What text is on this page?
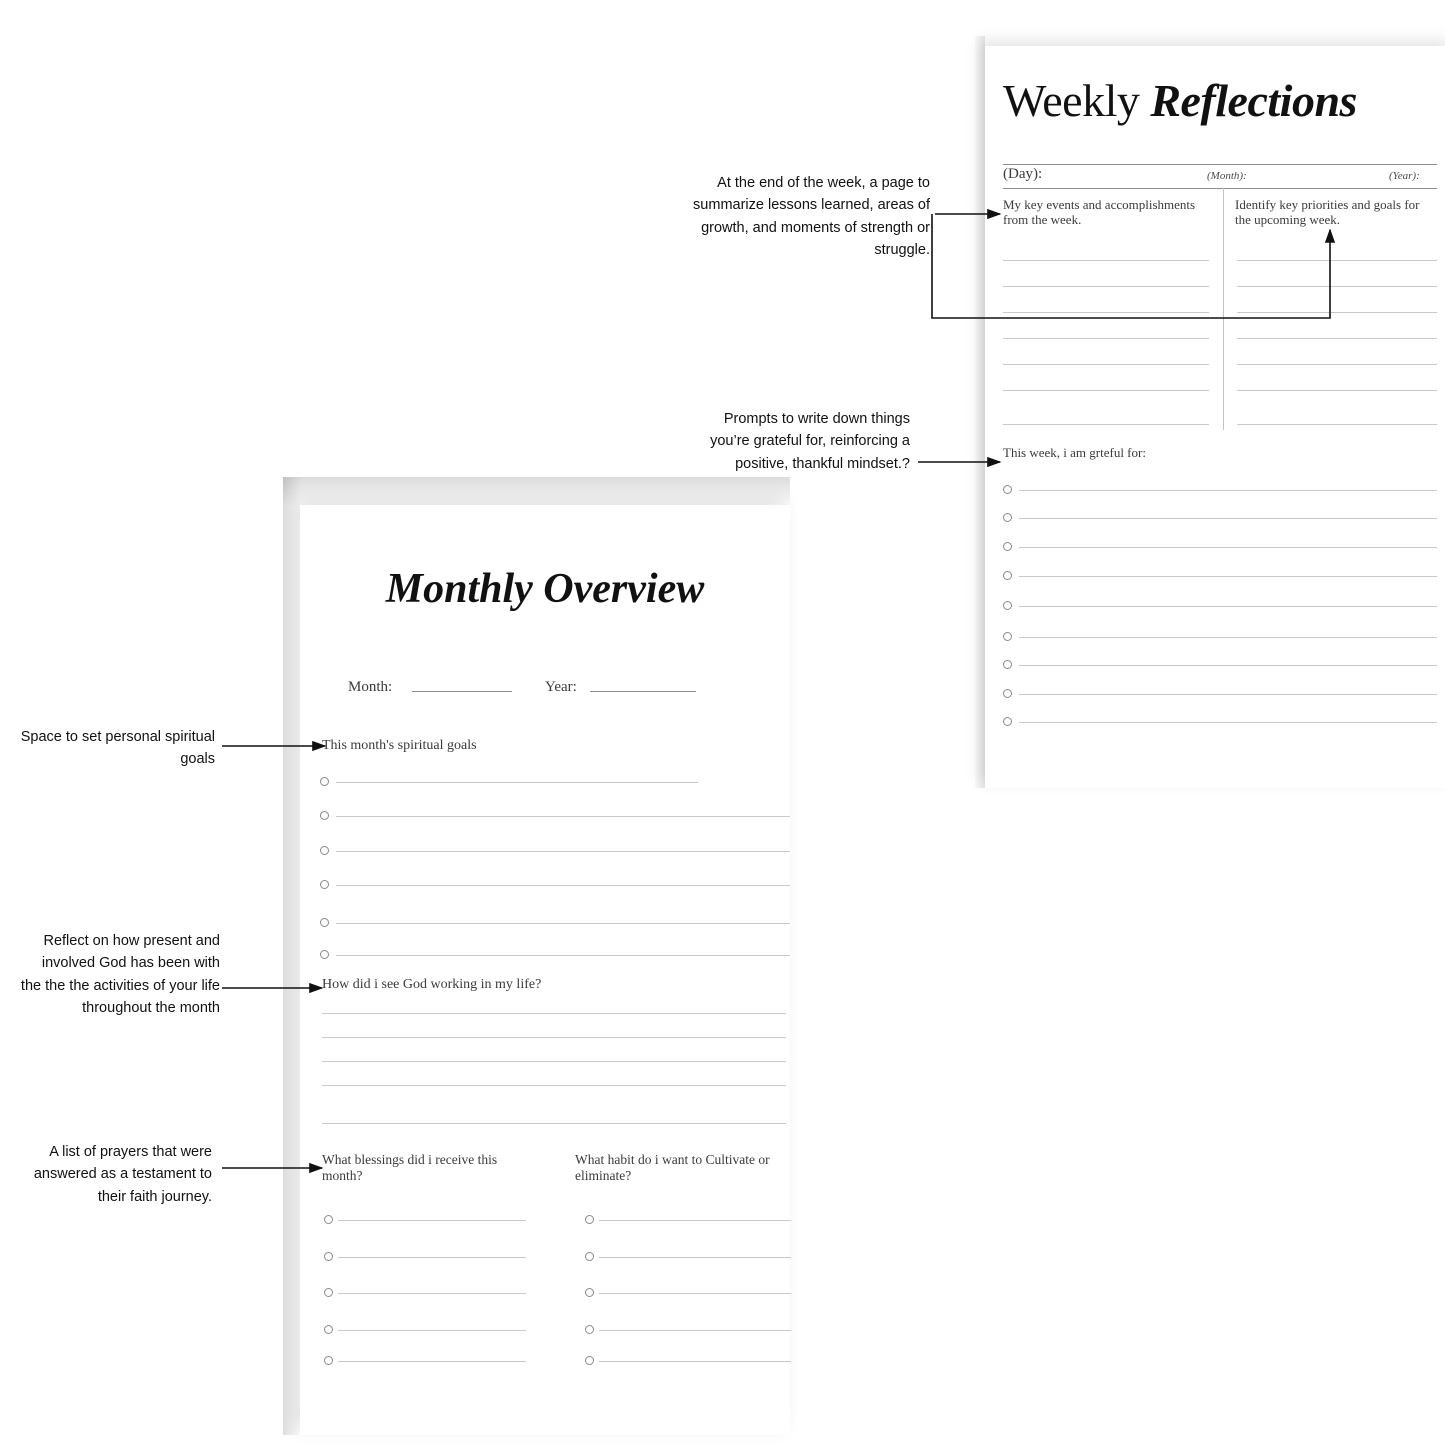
Weekly Reflections
(Day):	(Month):	(Year):
My key events and accomplishments from the week.
Identify key priorities and goals for the upcoming week.
This week, i am grteful for:
Monthly Overview
Month:	Year:
This month's spiritual goals
How did i see God working in my life?
What blessings did i receive this month?
What habit do i want to Cultivate or eliminate?
At the end of the week, a page to summarize lessons learned, areas of growth, and moments of strength or struggle.
Prompts to write down things you’re grateful for, reinforcing a positive, thankful mindset.?
Space to set personal spiritual goals
Reflect on how present and involved God has been with the the the activities of your life throughout the month
A list of prayers that were answered as a testament to their faith journey.
